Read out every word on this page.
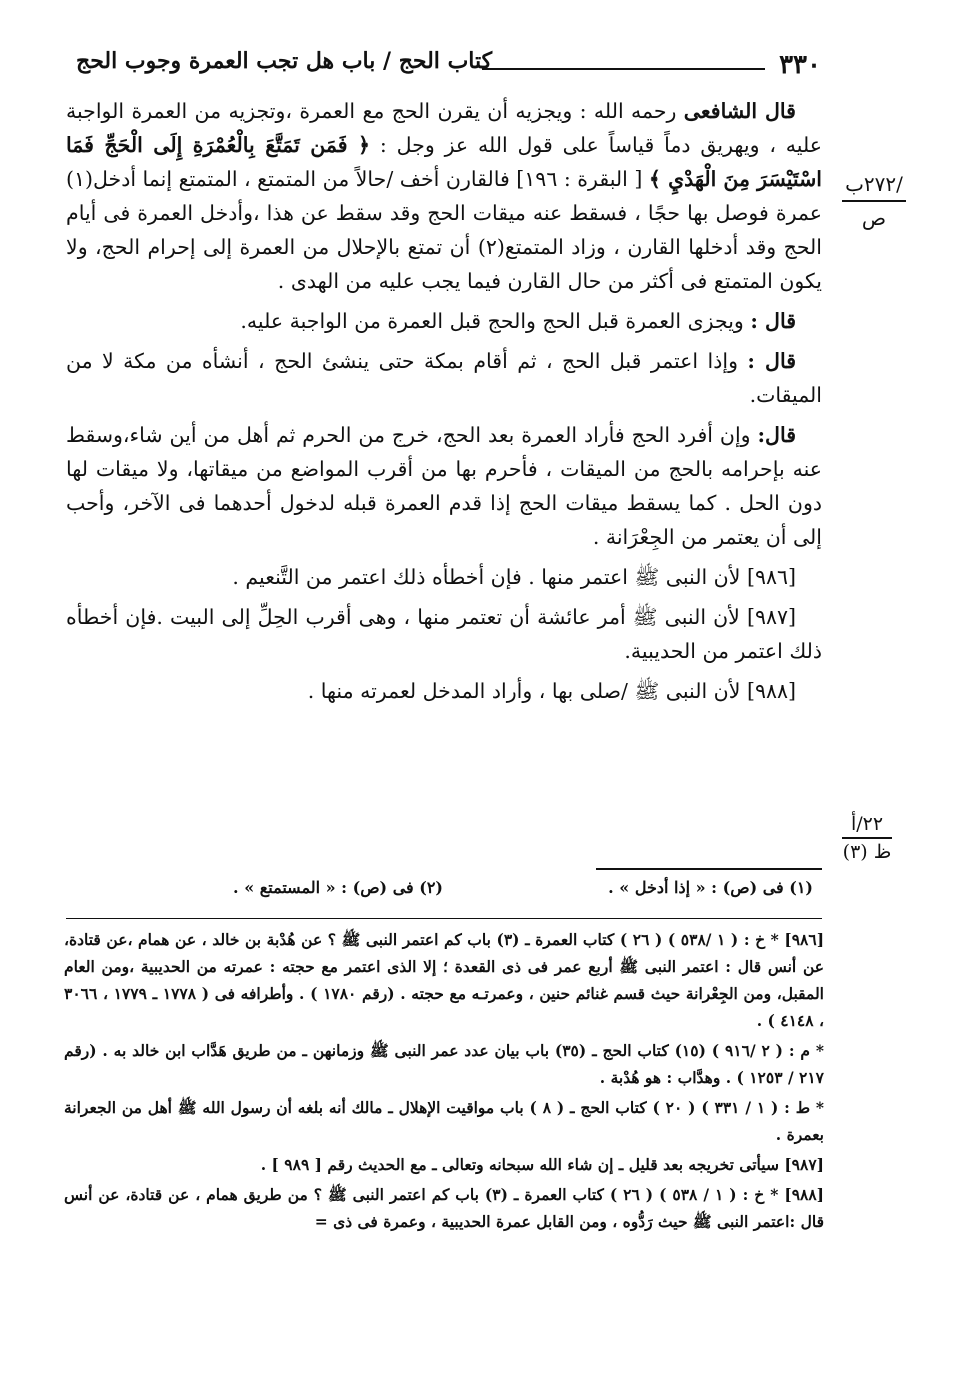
٣٣٠
كتاب الحج / باب هل تجب العمرة وجوب الحج
/٢٧٢ب
ص
٢٢/أ
ظ (٣)

قال الشافعى رحمه الله : ويجزيه أن يقرن الحج مع العمرة ،وتجزيه من العمرة الواجبة عليه ، ويهريق دماً قياساً على قول الله عز وجل : ﴿ فَمَن تَمَتَّعَ بِالْعُمْرَةِ إِلَى الْحَجِّ فَمَا اسْتَيْسَرَ مِنَ الْهَدْيِ ﴾ [ البقرة : ١٩٦] فالقارن أخف /حالاً من المتمتع ، المتمتع إنما أدخل(١) عمرة فوصل بها حجًا ، فسقط عنه ميقات الحج وقد سقط عن هذا ،وأدخل العمرة فى أيام الحج وقد أدخلها القارن ، وزاد المتمتع(٢) أن تمتع بالإحلال من العمرة إلى إحرام الحج، ولا يكون المتمتع فى أكثر من حال القارن فيما يجب عليه من الهدى .

قال : ويجزى العمرة قبل الحج والحج قبل العمرة من الواجبة عليه.

قال : وإذا اعتمر قبل الحج ، ثم أقام بمكة حتى ينشئ الحج ، أنشأه من مكة لا من الميقات.

قال: وإن أفرد الحج فأراد العمرة بعد الحج، خرج من الحرم ثم أهل من أين شاء،وسقط عنه بإحرامه بالحج من الميقات ، فأحرم بها من أقرب المواضع من ميقاتها، ولا ميقات لها دون الحل . كما يسقط ميقات الحج إذا قدم العمرة قبله لدخول أحدهما فى الآخر، وأحب إلى أن يعتمر من الجِعْرَانة .

[٩٨٦] لأن النبى ﷺ اعتمر منها . فإن أخطأه ذلك اعتمر من التَّنعيم .

[٩٨٧] لأن النبى ﷺ أمر عائشة أن تعتمر منها ، وهى أقرب الحِلِّ إلى البيت .فإن أخطأه ذلك اعتمر من الحديبية.

[٩٨٨] لأن النبى ﷺ /صلى بها ، وأراد المدخل لعمرته منها .

(١) فى (ص) : « إذا أدخل » .
(٢) فى (ص) : « المستمتع » .

[٩٨٦] * خ : ( ١ /٥٣٨ ) ( ٢٦ ) كتاب العمرة ـ (٣) باب كم اعتمر النبى ﷺ ؟ عن هُدْبة بن خالد ، عن همام ،عن قتادة، عن أنس قال : اعتمر النبى ﷺ أربع عمر فى ذى القعدة ؛ إلا الذى اعتمر مع حجته : عمرته من الحديبية ،ومن العام المقبل، ومن الجِعْرانة حيث قسم غنائم حنين ، وعمرتـه مع حجته . (رقم ١٧٨٠ ) . وأطرافه فى ( ١٧٧٨ ـ ١٧٧٩ ، ٣٠٦٦ ، ٤١٤٨ ) .

* م : ( ٢ /٩١٦ ) (١٥) كتاب الحج ـ (٣٥) باب بيان عدد عمر النبى ﷺ وزمانهن ـ من طريق هَدَّاب ابن خالد به . (رقم ٢١٧ / ١٢٥٣ ) . وهدَّاب : هو هُدْبة .

* ط : ( ١ / ٣٣١ ) ( ٢٠ ) كتاب الحج ـ ( ٨ ) باب مواقيت الإهلال ـ مالك أنه بلغه أن رسول الله ﷺ أهل من الجعرانة بعمرة .

[٩٨٧] سيأتى تخريجه بعد قليل ـ إن شاء الله سبحانه وتعالى ـ مع الحديث رقم [ ٩٨٩ ] .

[٩٨٨] * خ : ( ١ / ٥٣٨ ) ( ٢٦ ) كتاب العمرة ـ (٣) باب كم اعتمر النبى ﷺ ؟ من طريق همام ، عن قتادة، عن أنس قال :اعتمر النبى ﷺ حيث رَدُّوه ، ومن القابل عمرة الحديبية ، وعمرة فى ذى =
